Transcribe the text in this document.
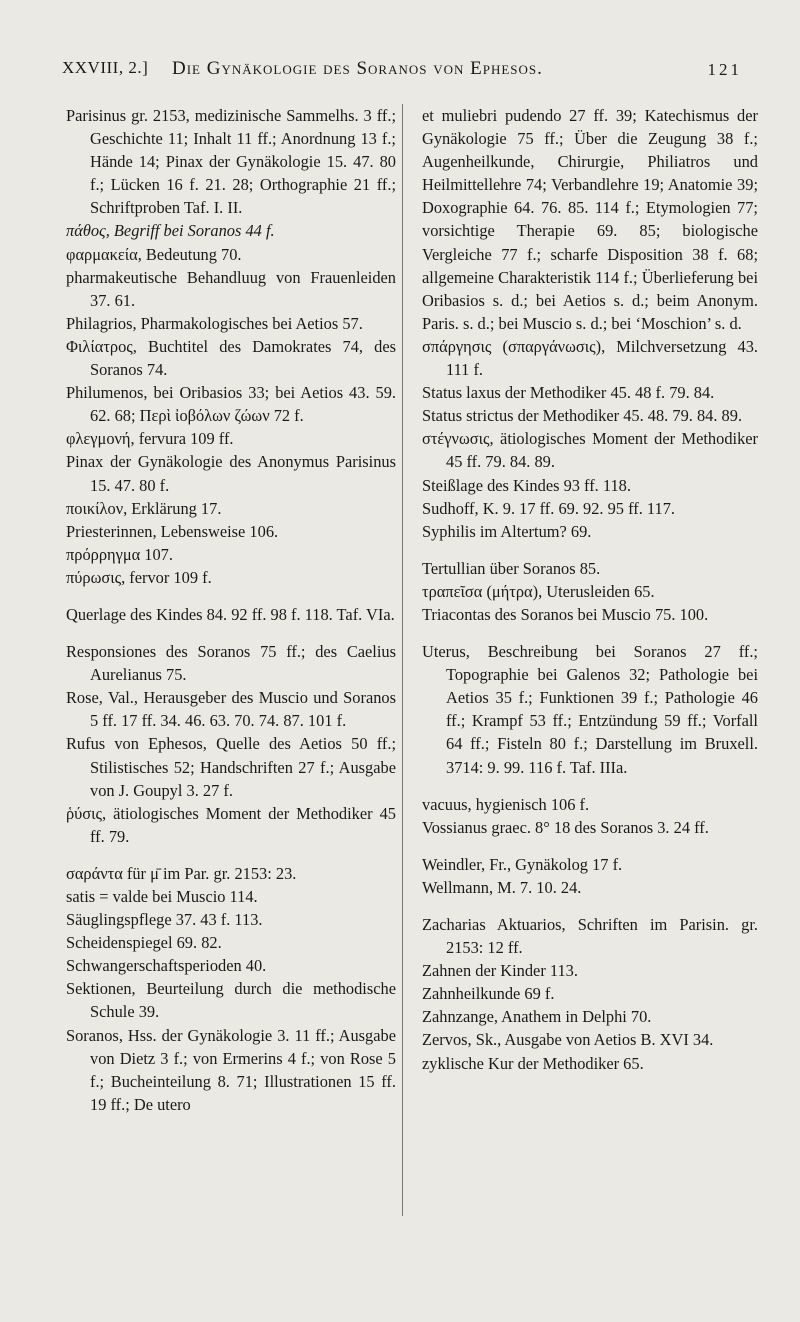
XXVIII, 2.] Die Gynäkologie des Soranos von Ephesos.	121

Parisinus gr. 2153, medizinische Sammelhs. 3 ff.; Geschichte 11; Inhalt 11 ff.; Anordnung 13 f.; Hände 14; Pinax der Gynäkologie 15. 47. 80 f.; Lücken 16 f. 21. 28; Orthographie 21 ff.; Schriftproben Taf. I. II.

πάθος, Begriff bei Soranos 44 f.

φαρμακεία, Bedeutung 70.

pharmakeutische Behandluug von Frauenleiden 37. 61.

Philagrios, Pharmakologisches bei Aetios 57.

Φιλίατρος, Buchtitel des Damokrates 74, des Soranos 74.

Philumenos, bei Oribasios 33; bei Aetios 43. 59. 62. 68; Περὶ ἰοβόλων ζώων 72 f.

φλεγμονή, fervura 109 ff.

Pinax der Gynäkologie des Anonymus Parisinus 15. 47. 80 f.

ποικίλον, Erklärung 17.

Priesterinnen, Lebensweise 106.

πρόρρηγμα 107.

πύρωσις, fervor 109 f.

Querlage des Kindes 84. 92 ff. 98 f. 118. Taf. VIa.

Responsiones des Soranos 75 ff.; des Caelius Aurelianus 75.

Rose, Val., Herausgeber des Muscio und Soranos 5 ff. 17 ff. 34. 46. 63. 70. 74. 87. 101 f.

Rufus von Ephesos, Quelle des Aetios 50 ff.; Stilistisches 52; Handschriften 27 f.; Ausgabe von J. Goupyl 3. 27 f.

ῥύσις, ätiologisches Moment der Methodiker 45 ff. 79.

σαράντα für μ̄ im Par. gr. 2153: 23.

satis = valde bei Muscio 114.

Säuglingspflege 37. 43 f. 113.

Scheidenspiegel 69. 82.

Schwangerschaftsperioden 40.

Sektionen, Beurteilung durch die methodische Schule 39.

Soranos, Hss. der Gynäkologie 3. 11 ff.; Ausgabe von Dietz 3 f.; von Ermerins 4 f.; von Rose 5 f.; Bucheinteilung 8. 71; Illustrationen 15 ff. 19 ff.; De utero

et muliebri pudendo 27 ff. 39; Katechismus der Gynäkologie 75 ff.; Über die Zeugung 38 f.; Augenheilkunde, Chirurgie, Philiatros und Heilmittellehre 74; Verbandlehre 19; Anatomie 39; Doxographie 64. 76. 85. 114 f.; Etymologien 77; vorsichtige Therapie 69. 85; biologische Vergleiche 77 f.; scharfe Disposition 38 f. 68; allgemeine Charakteristik 114 f.; Überlieferung bei Oribasios s. d.; bei Aetios s. d.; beim Anonym. Paris. s. d.; bei Muscio s. d.; bei ‘Moschion’ s. d.

σπάργησις (σπαργάνωσις), Milchversetzung 43. 111 f.

Status laxus der Methodiker 45. 48 f. 79. 84.

Status strictus der Methodiker 45. 48. 79. 84. 89.

στέγνωσις, ätiologisches Moment der Methodiker 45 ff. 79. 84. 89.

Steißlage des Kindes 93 ff. 118.

Sudhoff, K. 9. 17 ff. 69. 92. 95 ff. 117.

Syphilis im Altertum? 69.

Tertullian über Soranos 85.

τραπεῖσα (μήτρα), Uterusleiden 65.

Triacontas des Soranos bei Muscio 75. 100.

Uterus, Beschreibung bei Soranos 27 ff.; Topographie bei Galenos 32; Pathologie bei Aetios 35 f.; Funktionen 39 f.; Pathologie 46 ff.; Krampf 53 ff.; Entzündung 59 ff.; Vorfall 64 ff.; Fisteln 80 f.; Darstellung im Bruxell. 3714: 9. 99. 116 f. Taf. IIIa.

vacuus, hygienisch 106 f.

Vossianus graec. 8° 18 des Soranos 3. 24 ff.

Weindler, Fr., Gynäkolog 17 f.

Wellmann, M. 7. 10. 24.

Zacharias Aktuarios, Schriften im Parisin. gr. 2153: 12 ff.

Zahnen der Kinder 113.

Zahnheilkunde 69 f.

Zahnzange, Anathem in Delphi 70.

Zervos, Sk., Ausgabe von Aetios B. XVI 34.

zyklische Kur der Methodiker 65.
